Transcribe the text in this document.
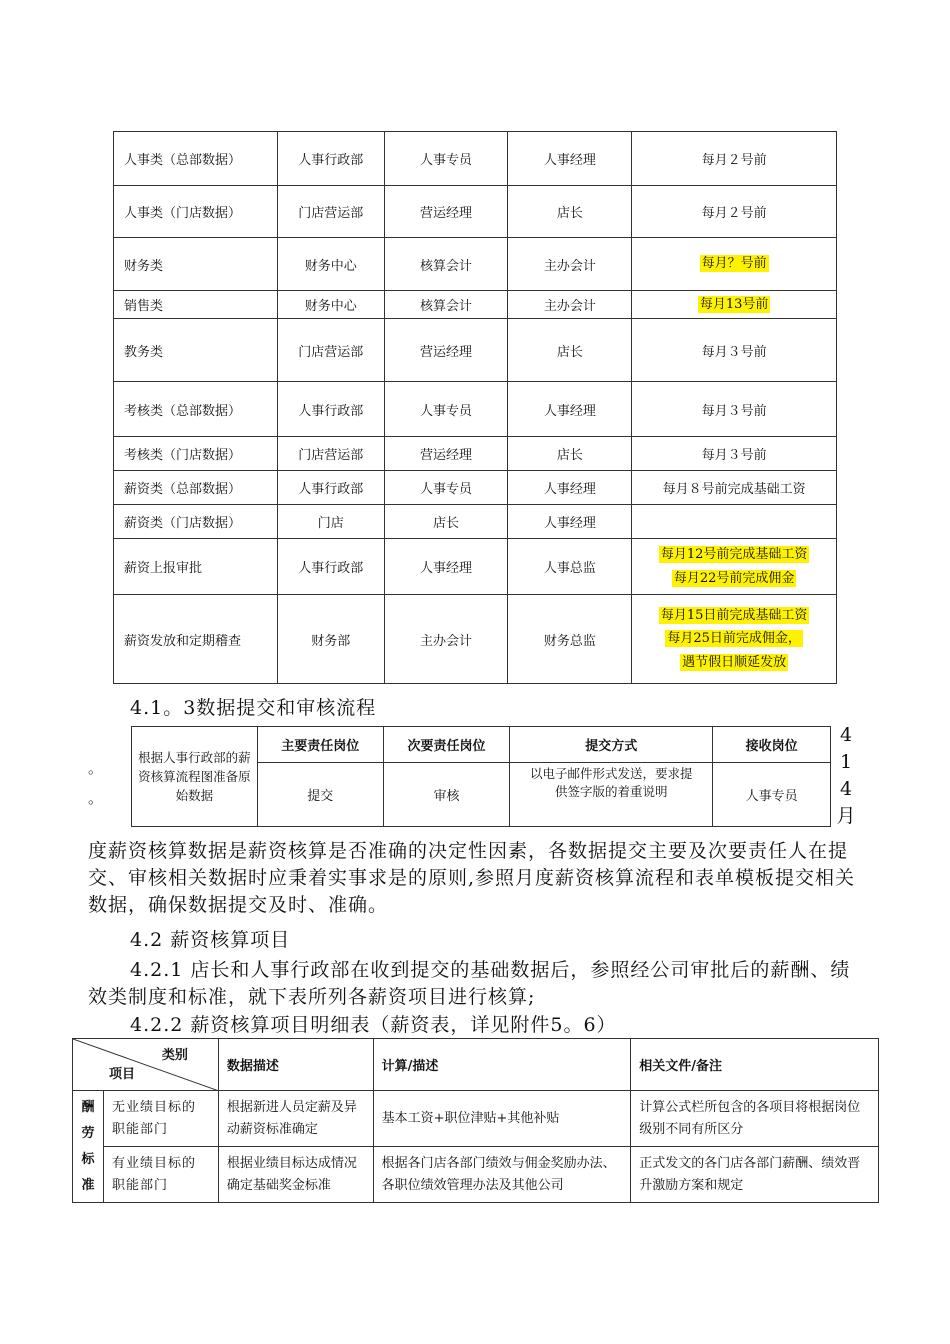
人事类（总部数据）	人事行政部	人事专员	人事经理	每月２号前
人事类（门店数据）	门店营运部	营运经理	店长	每月２号前
财务类	财务中心	核算会计	主办会计	每月？号前
销售类	财务中心	核算会计	主办会计	每月13号前
教务类	门店营运部	营运经理	店长	每月３号前
考核类（总部数据）	人事行政部	人事专员	人事经理	每月３号前
考核类（门店数据）	门店营运部	营运经理	店长	每月３号前
薪资类（总部数据）	人事行政部	人事专员	人事经理	每月８号前完成基础工资
薪资类（门店数据）	门店	店长	人事经理	
薪资上报审批	人事行政部	人事经理	人事总监	每月12号前完成基础工资
每月22号前完成佣金

薪资发放和定期稽查	财务部	主办会计	财务总监	每月15日前完成基础工资
每月25日前完成佣金，
遇节假日顺延发放
4.1。3数据提交和审核流程
。
。
4
1
4
月
根据人事行政部的薪资核算流程图准备原始数据	主要责任岗位	次要责任岗位	提交方式	接收岗位
	提交	审核	以电子邮件形式发送，要求提供签字版的着重说明	人事专员
度薪资核算数据是薪资核算是否准确的决定性因素，各数据提交主要及次要责任人在提交、审核相关数据时应秉着实事求是的原则,参照月度薪资核算流程和表单模板提交相关数据，确保数据提交及时、准确。
4.2 薪资核算项目
4.2.1 店长和人事行政部在收到提交的基础数据后，参照经公司审批后的薪酬、绩效类制度和标准，就下表所列各薪资项目进行核算;
4.2.2 薪资核算项目明细表（薪资表，详见附件5。6）
类别
项目		数据描述	计算/描述	相关文件/备注
酬劳标准	无业绩目标的职能部门	根据新进人员定薪及异动薪资标准确定	基本工资+职位津贴+其他补贴	计算公式栏所包含的各项目将根据岗位级别不同有所区分
	有业绩目标的职能部门	根据业绩目标达成情况确定基础奖金标准	根据各门店各部门绩效与佣金奖励办法、各职位绩效管理办法及其他公司	正式发文的各门店各部门薪酬、绩效晋升激励方案和规定
